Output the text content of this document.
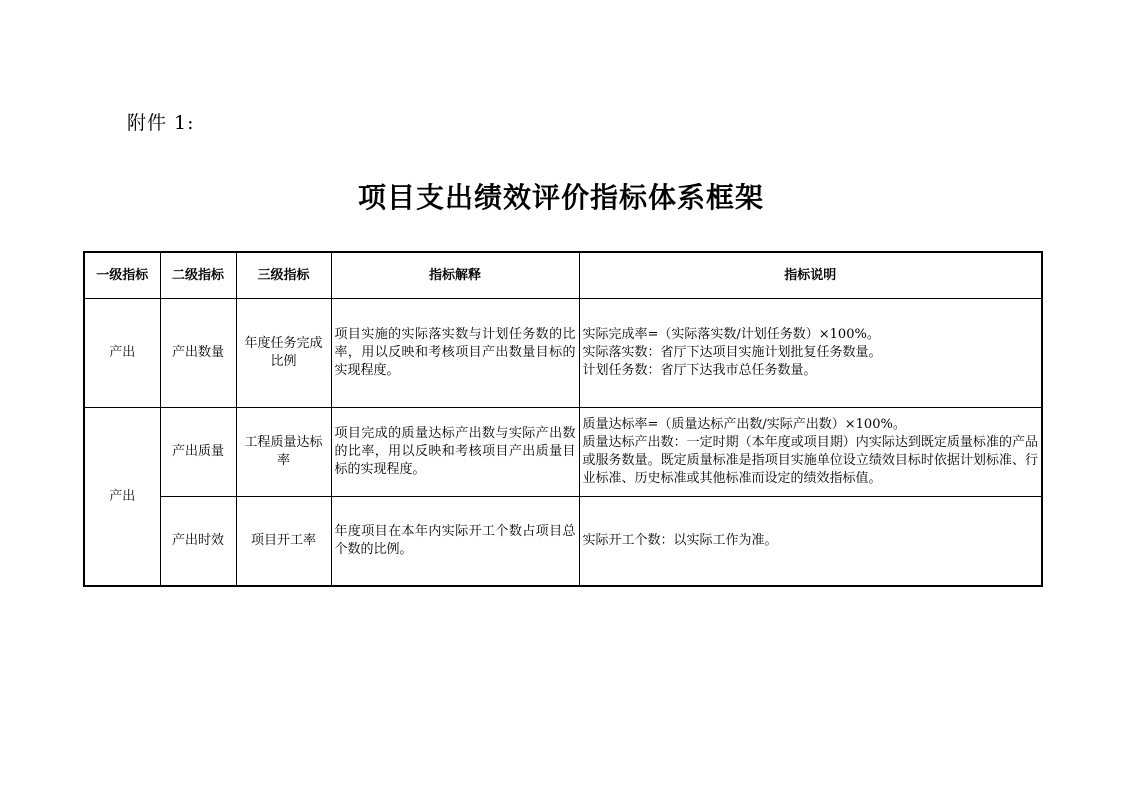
附件 1:
项目支出绩效评价指标体系框架
一级指标	二级指标	三级指标	指标解释	指标说明
产出	产出数量	年度任务完成比例	项目实施的实际落实数与计划任务数的比率，用以反映和考核项目产出数量目标的实现程度。	实际完成率=（实际落实数/计划任务数）×100%。
实际落实数：省厅下达项目实施计划批复任务数量。
计划任务数：省厅下达我市总任务数量。

产出	产出质量	工程质量达标率	项目完成的质量达标产出数与实际产出数的比率，用以反映和考核项目产出质量目标的实现程度。	质量达标率=（质量达标产出数/实际产出数）×100%。
质量达标产出数：一定时期（本年度或项目期）内实际达到既定质量标准的产品或服务数量。既定质量标准是指项目实施单位设立绩效目标时依据计划标准、行业标准、历史标准或其他标准而设定的绩效指标值。

	产出时效	项目开工率	年度项目在本年内实际开工个数占项目总个数的比例。	实际开工个数：以实际工作为准。
